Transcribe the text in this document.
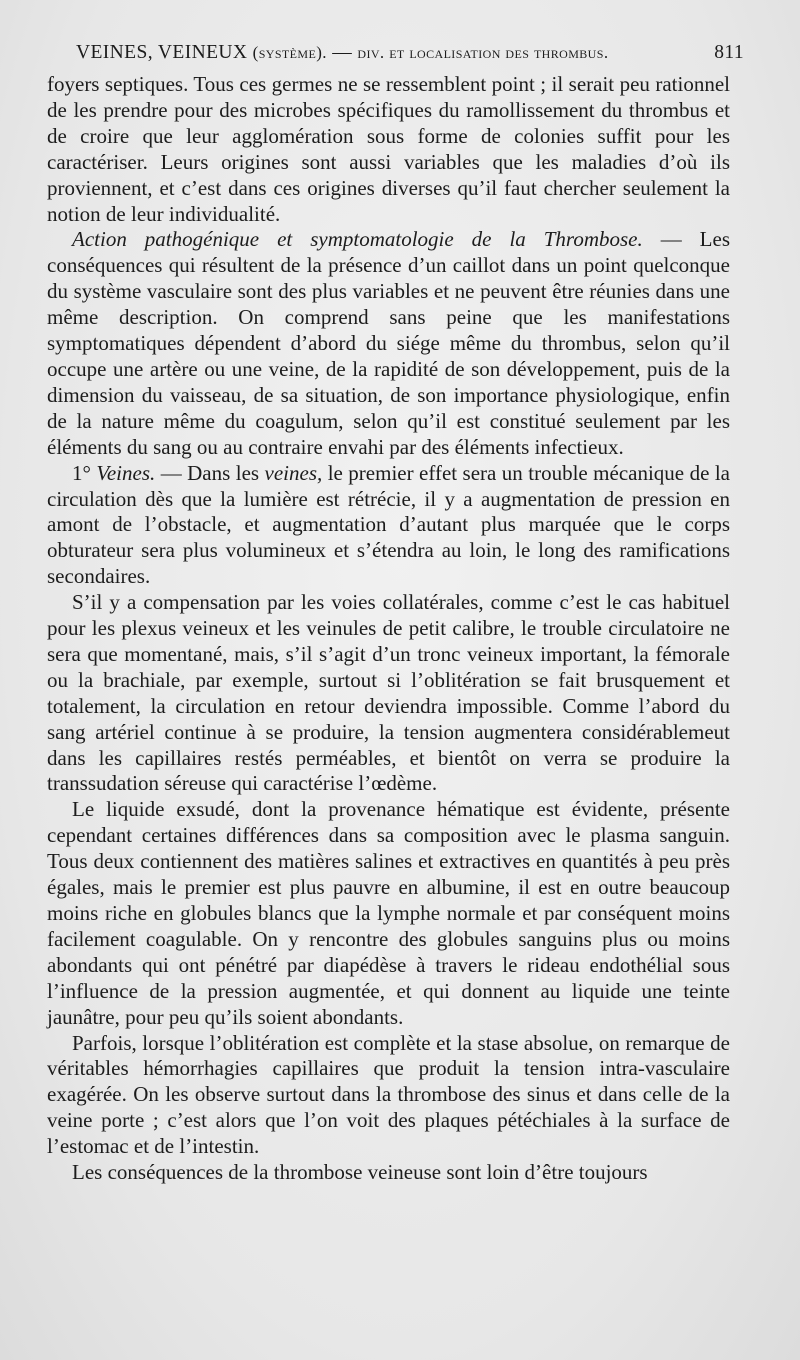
VEINES, VEINEUX (système). — div. et localisation des thrombus.	811

foyers septiques. Tous ces germes ne se ressemblent point ; il serait peu rationnel de les prendre pour des microbes spécifiques du ramollissement du thrombus et de croire que leur agglomération sous forme de colonies suffit pour les caractériser. Leurs origines sont aussi variables que les maladies d’où ils proviennent, et c’est dans ces origines diverses qu’il faut chercher seulement la notion de leur individualité.

Action pathogénique et symptomatologie de la Thrombose. — Les conséquences qui résultent de la présence d’un caillot dans un point quelconque du système vasculaire sont des plus variables et ne peuvent être réunies dans une même description. On comprend sans peine que les manifestations symptomatiques dépendent d’abord du siége même du thrombus, selon qu’il occupe une artère ou une veine, de la rapidité de son développement, puis de la dimension du vaisseau, de sa situation, de son importance physiologique, enfin de la nature même du coagulum, selon qu’il est constitué seulement par les éléments du sang ou au contraire envahi par des éléments infectieux.

1° Veines. — Dans les veines, le premier effet sera un trouble mécanique de la circulation dès que la lumière est rétrécie, il y a augmentation de pression en amont de l’obstacle, et augmentation d’autant plus marquée que le corps obturateur sera plus volumineux et s’étendra au loin, le long des ramifications secondaires.

S’il y a compensation par les voies collatérales, comme c’est le cas habituel pour les plexus veineux et les veinules de petit calibre, le trouble circulatoire ne sera que momentané, mais, s’il s’agit d’un tronc veineux important, la fémorale ou la brachiale, par exemple, surtout si l’oblitération se fait brusquement et totalement, la circulation en retour deviendra impossible. Comme l’abord du sang artériel continue à se produire, la tension augmentera considérablemeut dans les capillaires restés perméables, et bientôt on verra se produire la transsudation séreuse qui caractérise l’œdème.

Le liquide exsudé, dont la provenance hématique est évidente, présente cependant certaines différences dans sa composition avec le plasma sanguin. Tous deux contiennent des matières salines et extractives en quantités à peu près égales, mais le premier est plus pauvre en albumine, il est en outre beaucoup moins riche en globules blancs que la lymphe normale et par conséquent moins facilement coagulable. On y rencontre des globules sanguins plus ou moins abondants qui ont pénétré par diapédèse à travers le rideau endothélial sous l’influence de la pression augmentée, et qui donnent au liquide une teinte jaunâtre, pour peu qu’ils soient abondants.

Parfois, lorsque l’oblitération est complète et la stase absolue, on remarque de véritables hémorrhagies capillaires que produit la tension intra-vasculaire exagérée. On les observe surtout dans la thrombose des sinus et dans celle de la veine porte ; c’est alors que l’on voit des plaques pétéchiales à la surface de l’estomac et de l’intestin.

Les conséquences de la thrombose veineuse sont loin d’être toujours
